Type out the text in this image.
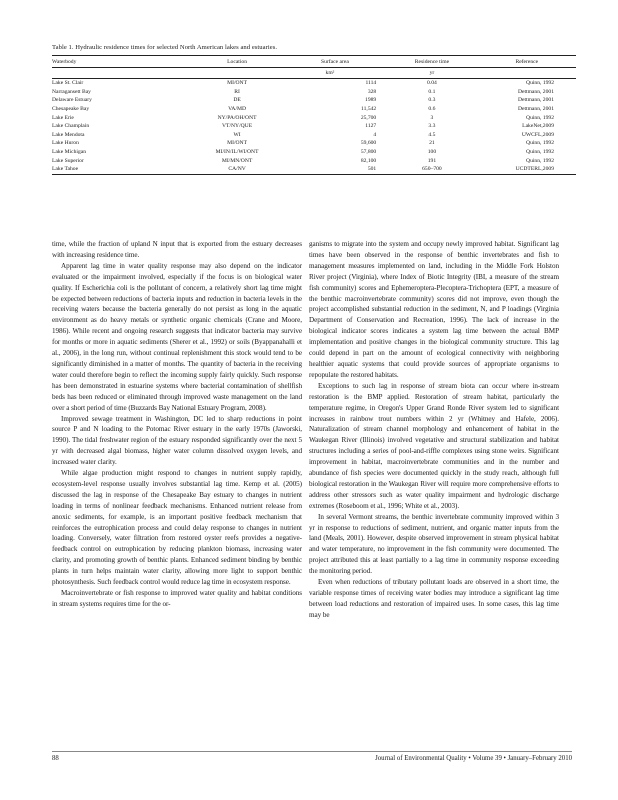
Table 1. Hydraulic residence times for selected North American lakes and estuaries.
Waterbody	Location	Surface area	Residence time	Reference
		km²	yr	
Lake St. Clair	MI/ONT	1114	0.04	Quinn, 1992
Narragansett Bay	RI	328	0.1	Dettmann, 2001
Delaware Estuary	DE	1989	0.3	Dettmann, 2001
Chesapeake Bay	VA/MD	11,542	0.6	Dettmann, 2001
Lake Erie	NY/PA/OH/ONT	25,700	3	Quinn, 1992
Lake Champlain	VT/NY/QUE	1127	3.3	LakeNet,2009
Lake Mendota	WI	4	4.5	UWCFL,2009
Lake Huron	MI/ONT	59,600	21	Quinn, 1992
Lake Michigan	MI/IN/IL/WI/ONT	57,800	100	Quinn, 1992
Lake Superior	MI/MN/ONT	82,100	191	Quinn, 1992
Lake Tahoe	CA/NV	501	650–700	UCDTERL,2009

time, while the fraction of upland N input that is exported from the estuary decreases with increasing residence time.

Apparent lag time in water quality response may also depend on the indicator evaluated or the impairment involved, especially if the focus is on biological water quality. If Escherichia coli is the pollutant of concern, a relatively short lag time might be expected between reductions of bacteria inputs and reduction in bacteria levels in the receiving waters because the bacteria generally do not persist as long in the aquatic environment as do heavy metals or synthetic organic chemicals (Crane and Moore, 1986). While recent and ongoing research suggests that indicator bacteria may survive for months or more in aquatic sediments (Sherer et al., 1992) or soils (Byappanahalli et al., 2006), in the long run, without continual replenishment this stock would tend to be significantly diminished in a matter of months. The quantity of bacteria in the receiving water could therefore begin to reflect the incoming supply fairly quickly. Such response has been demonstrated in estuarine systems where bacterial contamination of shellfish beds has been reduced or eliminated through improved waste management on the land over a short period of time (Buzzards Bay National Estuary Program, 2008).

Improved sewage treatment in Washington, DC led to sharp reductions in point source P and N loading to the Potomac River estuary in the early 1970s (Jaworski, 1990). The tidal freshwater region of the estuary responded significantly over the next 5 yr with decreased algal biomass, higher water column dissolved oxygen levels, and increased water clarity.

While algae production might respond to changes in nutrient supply rapidly, ecosystem-level response usually involves substantial lag time. Kemp et al. (2005) discussed the lag in response of the Chesapeake Bay estuary to changes in nutrient loading in terms of nonlinear feedback mechanisms. Enhanced nutrient release from anoxic sediments, for example, is an important positive feedback mechanism that reinforces the eutrophication process and could delay response to changes in nutrient loading. Conversely, water filtration from restored oyster reefs provides a negative-feedback control on eutrophication by reducing plankton biomass, increasing water clarity, and promoting growth of benthic plants. Enhanced sediment binding by benthic plants in turn helps maintain water clarity, allowing more light to support benthic photosynthesis. Such feedback control would reduce lag time in ecosystem response.

Macroinvertebrate or fish response to improved water quality and habitat conditions in stream systems requires time for the or-

ganisms to migrate into the system and occupy newly improved habitat. Significant lag times have been observed in the response of benthic invertebrates and fish to management measures implemented on land, including in the Middle Fork Holston River project (Virginia), where Index of Biotic Integrity (IBI, a measure of the stream fish community) scores and Ephemeroptera-Plecoptera-Trichoptera (EPT, a measure of the benthic macroinvertebrate community) scores did not improve, even though the project accomplished substantial reduction in the sediment, N, and P loadings (Virginia Department of Conservation and Recreation, 1996). The lack of increase in the biological indicator scores indicates a system lag time between the actual BMP implementation and positive changes in the biological community structure. This lag could depend in part on the amount of ecological connectivity with neighboring healthier aquatic systems that could provide sources of appropriate organisms to repopulate the restored habitats.

Exceptions to such lag in response of stream biota can occur where in-stream restoration is the BMP applied. Restoration of stream habitat, particularly the temperature regime, in Oregon's Upper Grand Ronde River system led to significant increases in rainbow trout numbers within 2 yr (Whitney and Hafele, 2006). Naturalization of stream channel morphology and enhancement of habitat in the Waukegan River (Illinois) involved vegetative and structural stabilization and habitat structures including a series of pool-and-riffle complexes using stone weirs. Significant improvement in habitat, macroinvertebrate communities and in the number and abundance of fish species were documented quickly in the study reach, although full biological restoration in the Waukegan River will require more comprehensive efforts to address other stressors such as water quality impairment and hydrologic discharge extremes (Roseboom et al., 1996; White et al., 2003).

In several Vermont streams, the benthic invertebrate community improved within 3 yr in response to reductions of sediment, nutrient, and organic matter inputs from the land (Meals, 2001). However, despite observed improvement in stream physical habitat and water temperature, no improvement in the fish community were documented. The project attributed this at least partially to a lag time in community response exceeding the monitoring period.

Even when reductions of tributary pollutant loads are observed in a short time, the variable response times of receiving water bodies may introduce a significant lag time between load reductions and restoration of impaired uses. In some cases, this lag time may be

88	Journal of Environmental Quality • Volume 39 • January–February 2010
